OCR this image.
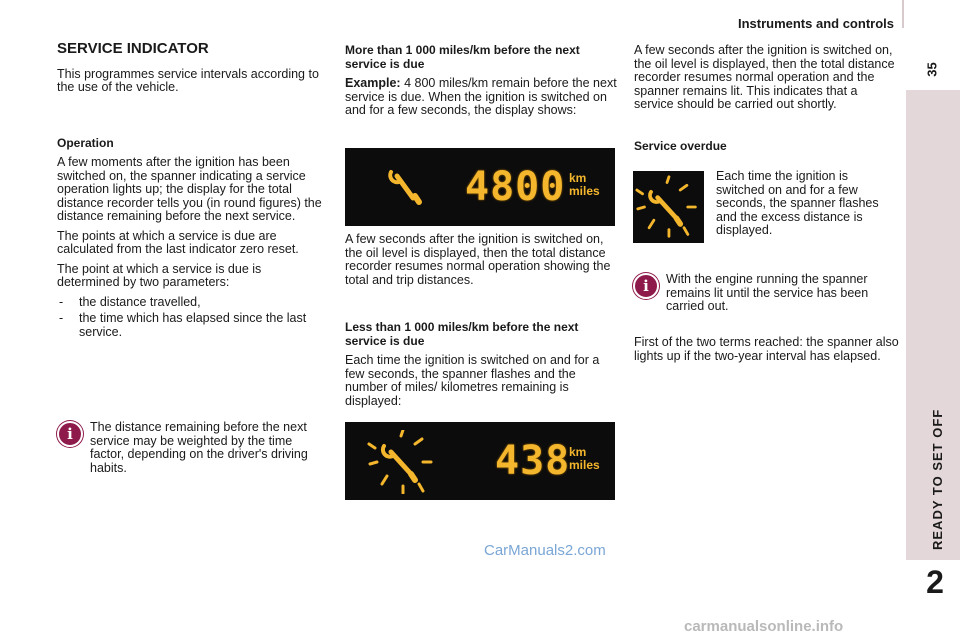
Instruments and controls
35
READY TO SET OFF
2
SERVICE INDICATOR

This programmes service intervals according to the use of the vehicle.

Operation

A few moments after the ignition has been switched on, the spanner indicating a service operation lights up; the display for the total distance recorder tells you (in round figures) the distance remaining before the next service.

The points at which a service is due are calculated from the last indicator zero reset.

The point at which a service is due is determined by two parameters:

- the distance travelled,
- the time which has elapsed since the last service.
i	The distance remaining before the next service may be weighted by the time factor, depending on the driver's driving habits.
More than 1 000 miles/km before the next service is due

Example: 4 800 miles/km remain before the next service is due. When the ignition is switched on and for a few seconds, the display shows:

4800 km
miles

A few seconds after the ignition is switched on, the oil level is displayed, then the total distance recorder resumes normal operation showing the total and trip distances.

Less than 1 000 miles/km before the next service is due

Each time the ignition is switched on and for a few seconds, the spanner flashes and the number of miles/ kilometres remaining is displayed:

438
km
miles

A few seconds after the ignition is switched on, the oil level is displayed, then the total distance recorder resumes normal operation and the spanner remains lit. This indicates that a service should be carried out shortly.

Service overdue

Each time the ignition is switched on and for a few seconds, the spanner flashes and the excess distance is displayed.

i	With the engine running the spanner remains lit until the service has been carried out.

First of the two terms reached: the spanner also lights up if the two-year interval has elapsed.

CarManuals2.com
carmanualsonline.info
